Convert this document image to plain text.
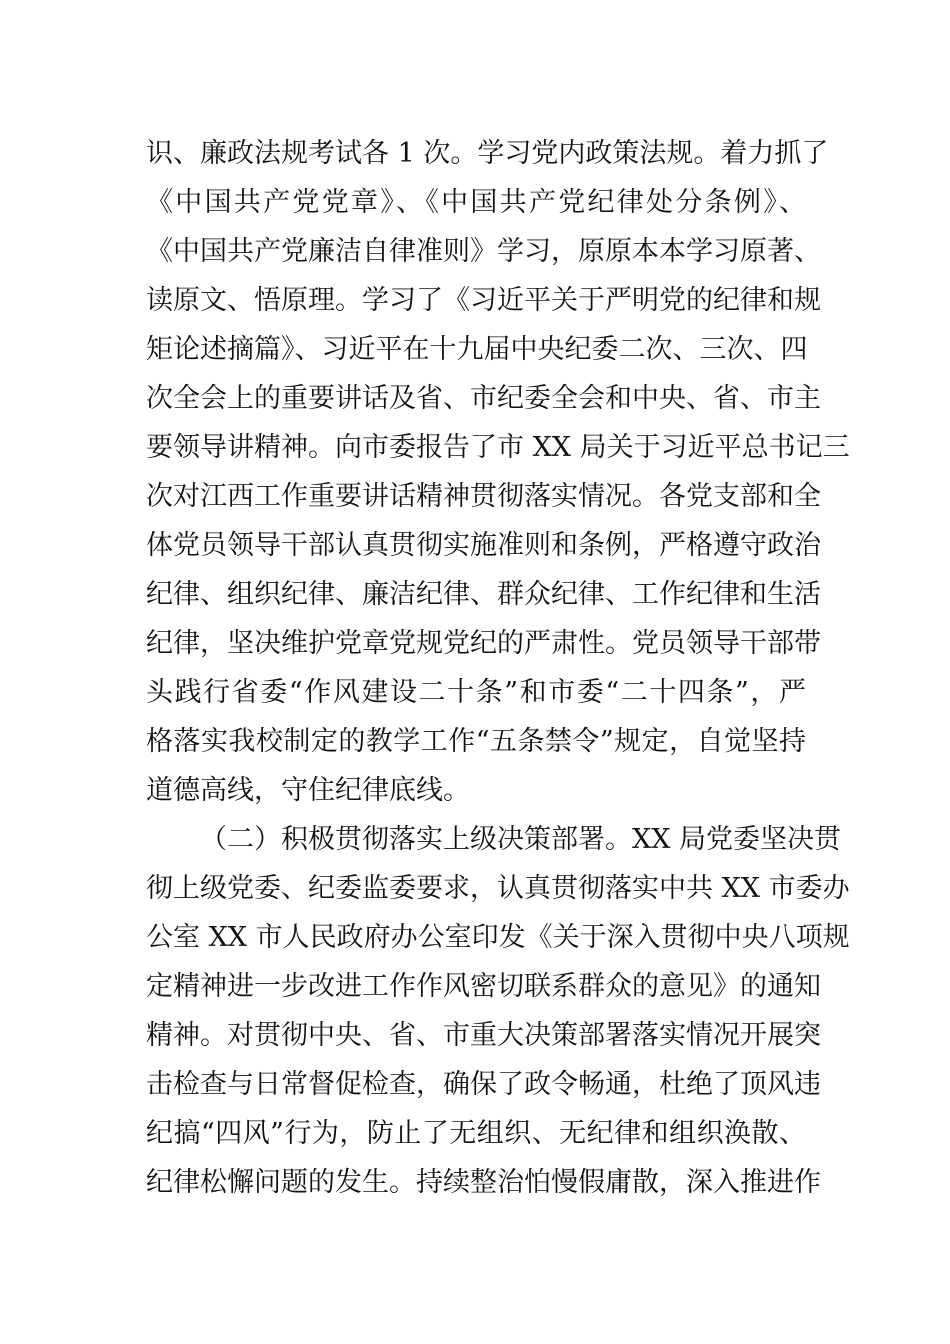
识、廉政法规考试各 1 次。学习党内政策法规。着力抓了
《中国共产党党章》、《中国共产党纪律处分条例》、
《中国共产党廉洁自律准则》学习，原原本本学习原著、
读原文、悟原理。学习了《习近平关于严明党的纪律和规
矩论述摘篇》、习近平在十九届中央纪委二次、三次、四
次全会上的重要讲话及省、市纪委全会和中央、省、市主
要领导讲精神。向市委报告了市 XX 局关于习近平总书记三
次对江西工作重要讲话精神贯彻落实情况。各党支部和全
体党员领导干部认真贯彻实施准则和条例，严格遵守政治
纪律、组织纪律、廉洁纪律、群众纪律、工作纪律和生活
纪律，坚决维护党章党规党纪的严肃性。党员领导干部带
头践行省委“作风建设二十条”和市委“二十四条”，严
格落实我校制定的教学工作“五条禁令”规定，自觉坚持
道德高线，守住纪律底线。
（二）积极贯彻落实上级决策部署。XX 局党委坚决贯
彻上级党委、纪委监委要求，认真贯彻落实中共 XX 市委办
公室 XX 市人民政府办公室印发《关于深入贯彻中央八项规
定精神进一步改进工作作风密切联系群众的意见》的通知
精神。对贯彻中央、省、市重大决策部署落实情况开展突
击检查与日常督促检查，确保了政令畅通，杜绝了顶风违
纪搞“四风”行为，防止了无组织、无纪律和组织涣散、
纪律松懈问题的发生。持续整治怕慢假庸散，深入推进作
